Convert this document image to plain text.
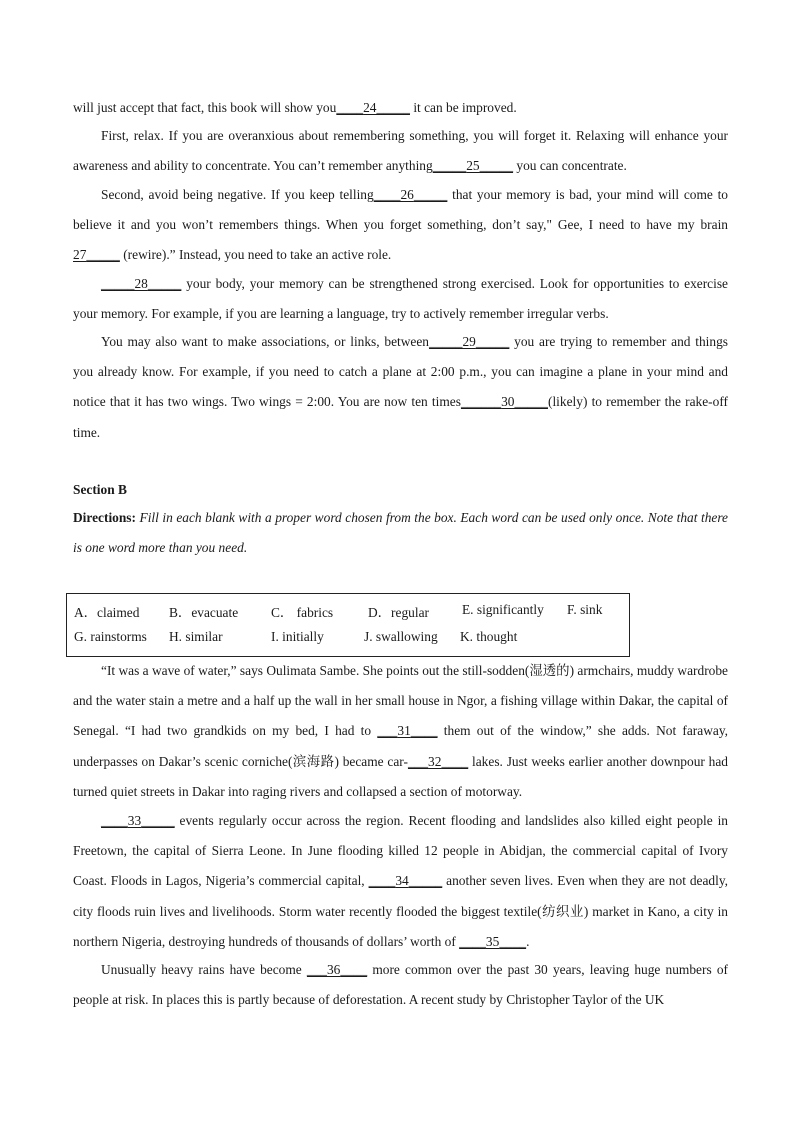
will just accept that fact, this book will show you____24_____ it can be improved.

First, relax. If you are overanxious about remembering something, you will forget it. Relaxing will enhance your awareness and ability to concentrate. You can’t remember anything_____25_____ you can concentrate.

Second, avoid being negative. If you keep telling____26_____ that your memory is bad, your mind will come to believe it and you won’t remembers things. When you forget something, don’t say," Gee, I need to have my brain 27_____ (rewire).” Instead, you need to take an active role.

_____28_____ your body, your memory can be strengthened strong exercised. Look for opportunities to exercise your memory. For example, if you are learning a language, try to actively remember irregular verbs.

You may also want to make associations, or links, between_____29_____ you are trying to remember and things you already know. For example, if you need to catch a plane at 2:00 p.m., you can imagine a plane in your mind and notice that it has two wings. Two wings = 2:00. You are now ten times______30_____(likely) to remember the rake-off time.

Section B

Directions: Fill in each blank with a proper word chosen from the box. Each word can be used only once. Note that there is one word more than you need.

A．claimed B．evacuate C． fabrics	D．regular E. significantly F. sink
G. rainstorms H. similar	I. initially	J. swallowing K. thought

“It was a wave of water,” says Oulimata Sambe. She points out the still-sodden(湿透的) armchairs, muddy wardrobe and the water stain a metre and a half up the wall in her small house in Ngor, a fishing village within Dakar, the capital of Senegal. “I had two grandkids on my bed, I had to ___31____ them out of the window,” she adds. Not faraway, underpasses on Dakar’s scenic corniche(滨海路) became car-___32____ lakes. Just weeks earlier another downpour had turned quiet streets in Dakar into raging rivers and collapsed a section of motorway.

____33_____ events regularly occur across the region. Recent flooding and landslides also killed eight people in Freetown, the capital of Sierra Leone. In June flooding killed 12 people in Abidjan, the commercial capital of Ivory Coast. Floods in Lagos, Nigeria’s commercial capital, ____34_____ another seven lives. Even when they are not deadly, city floods ruin lives and livelihoods. Storm water recently flooded the biggest textile(纺织业) market in Kano, a city in northern Nigeria, destroying hundreds of thousands of dollars’ worth of ____35____.

Unusually heavy rains have become ___36____ more common over the past 30 years, leaving huge numbers of people at risk. In places this is partly because of deforestation. A recent study by Christopher Taylor of the UK
